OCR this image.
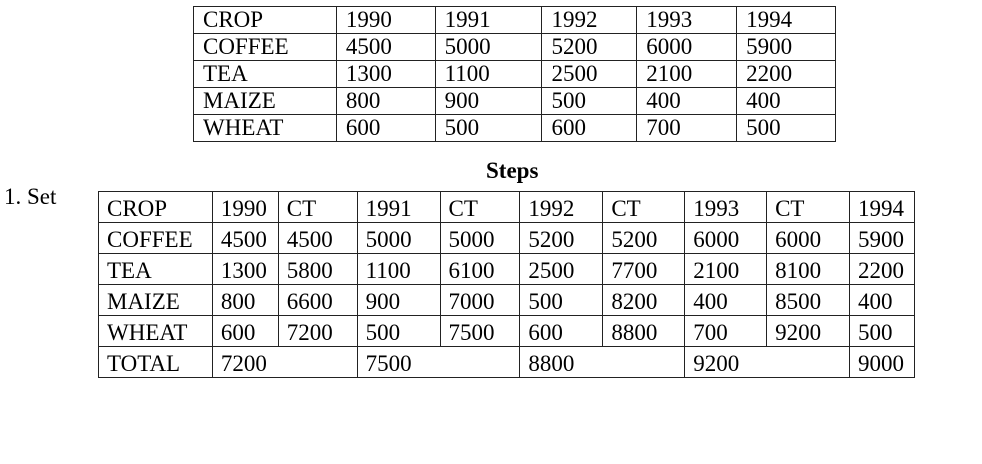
CROP	1990	1991	1992	1993	1994
COFFEE	4500	5000	5200	6000	5900
TEA	1300	1100	2500	2100	2200
MAIZE	800	900	500	400	400
WHEAT	600	500	600	700	500
Steps
1. Set CROP	1990	CT	1991	CT	1992	CT	1993	CT	1994
COFFEE	4500	4500	5000	5000	5200	5200	6000	6000	5900
TEA	1300	5800	1100	6100	2500	7700	2100	8100	2200
MAIZE	800	6600	900	7000	500	8200	400	8500	400
WHEAT	600	7200	500	7500	600	8800	700	9200	500
TOTAL	7200		7500		8800		9200		9000
